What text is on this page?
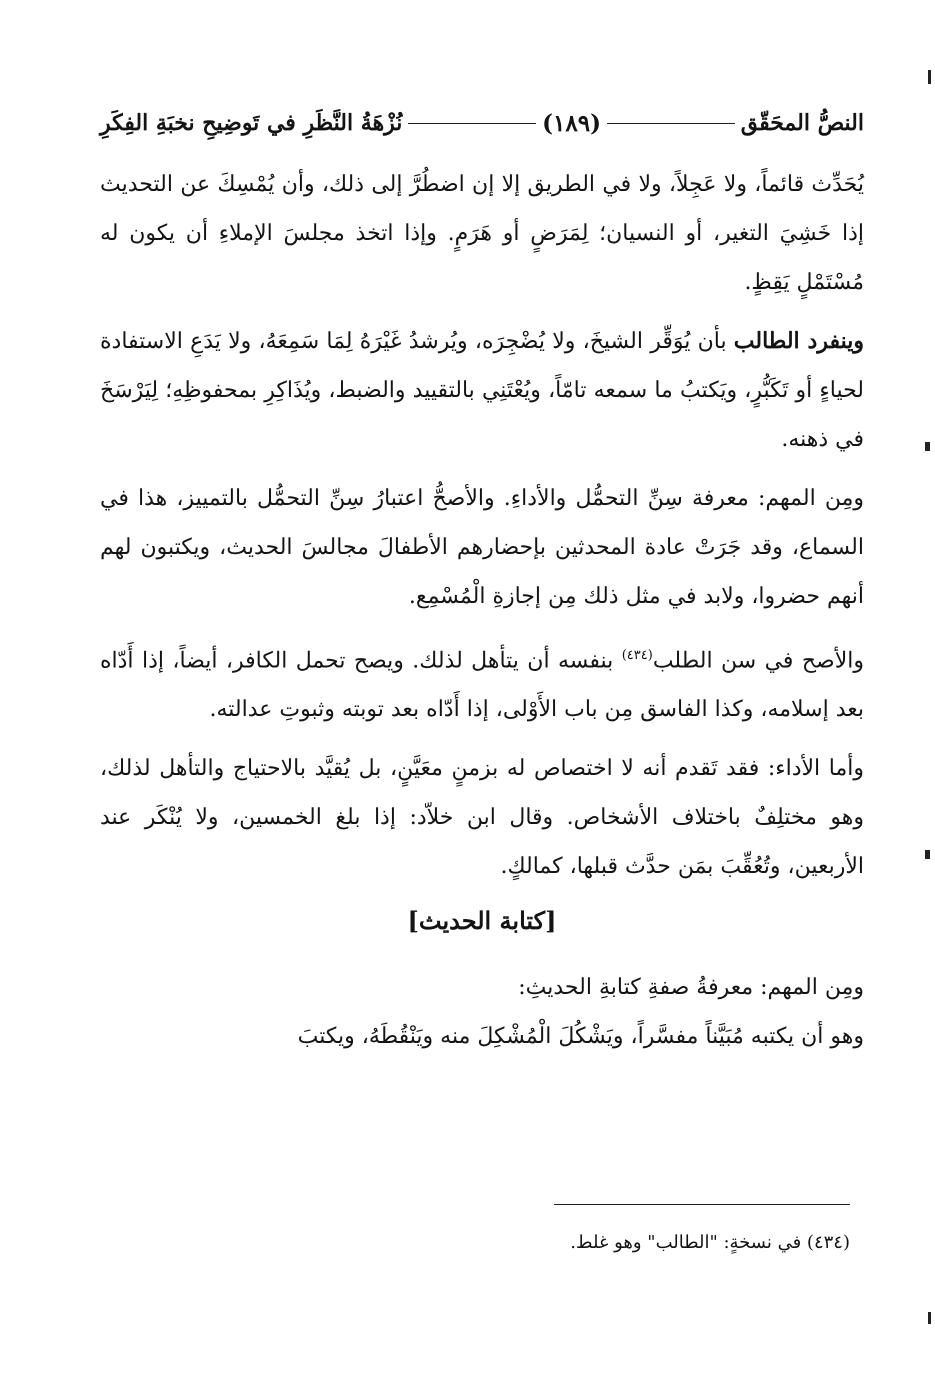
النصُّ المحَقّق
(١٨٩)
نُزْهَةُ النَّظَرِ في تَوضِيحِ نخبَةِ الفِكَرِ

يُحَدِّث قائماً، ولا عَجِلاً، ولا في الطريق إلا إن اضطُرَّ إلى ذلك، وأن يُمْسِكَ عن التحديث إذا خَشِيَ التغير، أو النسيان؛ لِمَرَضٍ أو هَرَمٍ. وإذا اتخذ مجلسَ الإملاءِ أن يكون له مُسْتَمْلٍ يَقِظٍ.

وينفرد الطالب بأن يُوَقِّر الشيخَ، ولا يُضْجِرَه، ويُرشدُ غَيْرَهُ لِمَا سَمِعَهُ، ولا يَدَعِ الاستفادة لحياءٍ أو تَكَبُّرٍ، ويَكتبُ ما سمعه تامّاً، ويُعْتَنِي بالتقييد والضبط، ويُذَاكِرِ بمحفوظِهِ؛ لِيَرْسَخَ في ذهنه.

ومِن المهم: معرفة سِنِّ التحمُّل والأداءِ. والأصحُّ اعتبارُ سِنِّ التحمُّل بالتمييز، هذا في السماع، وقد جَرَتْ عادة المحدثين بإحضارهم الأطفالَ مجالسَ الحديث، ويكتبون لهم أنهم حضروا، ولابد في مثل ذلك مِن إجازةِ الْمُسْمِع.

والأصح في سن الطلب$^{(٤٣٤)}$ بنفسه أن يتأهل لذلك. ويصح تحمل الكافر، أيضاً، إذا أَدّاه بعد إسلامه، وكذا الفاسق مِن باب الأَوْلى، إذا أَدّاه بعد توبته وثبوتِ عدالته.

وأما الأداء: فقد تَقدم أنه لا اختصاص له بزمنٍ معَيَّنٍ، بل يُقيَّد بالاحتياج والتأهل لذلك، وهو مختلِفٌ باختلاف الأشخاص. وقال ابن خلاّد: إذا بلغ الخمسين، ولا يُنْكَر عند الأربعين، وتُعُقِّبَ بمَن حدَّث قبلها، كمالكٍ.

[كتابة الحديث]

ومِن المهم: معرفةُ صفةِ كتابةِ الحديثِ:

وهو أن يكتبه مُبَيَّناً مفسَّراً، ويَشْكُلَ الْمُشْكِلَ منه ويَنْقُطَهُ، ويكتبَ

(٤٣٤) في نسخةٍ: "الطالب" وهو غلط.
